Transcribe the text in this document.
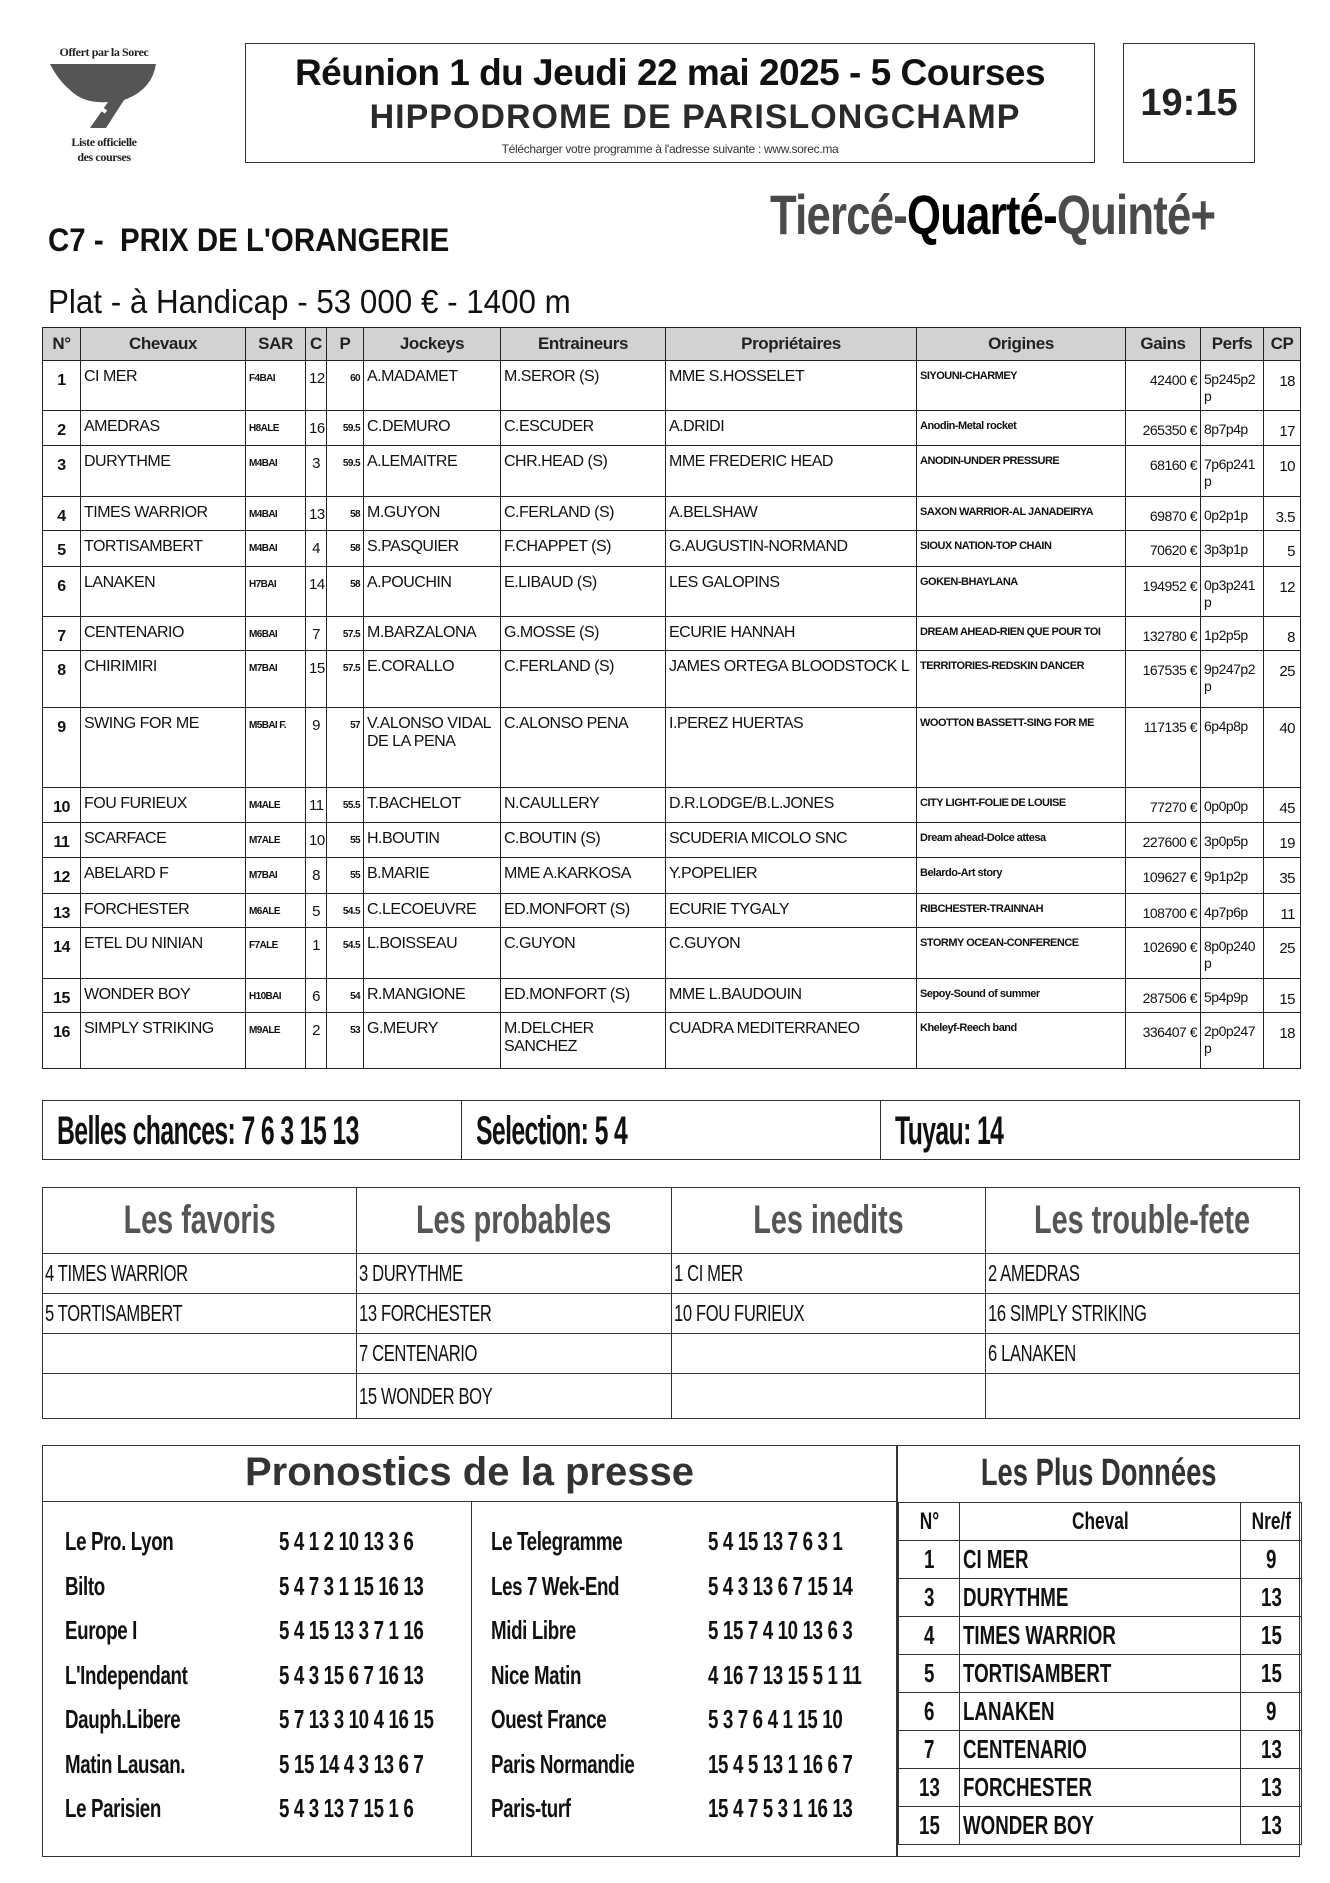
Offert par la Sorec
Liste officielle
des courses
Réunion 1 du Jeudi 22 mai 2025 - 5 Courses
HIPPODROME DE PARISLONGCHAMP
Télécharger votre programme à l'adresse suivante : www.sorec.ma
19:15
Tiercé-Quarté-Quinté+
C7 -  PRIX DE L'ORANGERIE
Plat - à Handicap - 53 000 € - 1400 m
N°	Chevaux	SAR	C	P	Jockeys	Entraineurs	Propriétaires	Origines	Gains	Perfs	CP
1	CI MER	F4BAI	12	60	A.MADAMET	M.SEROR (S)	MME S.HOSSELET	SIYOUNI-CHARMEY	42400 €	5p245p2p	18
2	AMEDRAS	H8ALE	16	59.5	C.DEMURO	C.ESCUDER	A.DRIDI	Anodin-Metal rocket	265350 €	8p7p4p	17
3	DURYTHME	M4BAI	3	59.5	A.LEMAITRE	CHR.HEAD (S)	MME FREDERIC HEAD	ANODIN-UNDER PRESSURE	68160 €	7p6p241p	10
4	TIMES WARRIOR	M4BAI	13	58	M.GUYON	C.FERLAND (S)	A.BELSHAW	SAXON WARRIOR-AL JANADEIRYA	69870 €	0p2p1p	3.5
5	TORTISAMBERT	M4BAI	4	58	S.PASQUIER	F.CHAPPET (S)	G.AUGUSTIN-NORMAND	SIOUX NATION-TOP CHAIN	70620 €	3p3p1p	5
6	LANAKEN	H7BAI	14	58	A.POUCHIN	E.LIBAUD (S)	LES GALOPINS	GOKEN-BHAYLANA	194952 €	0p3p241p	12
7	CENTENARIO	M6BAI	7	57.5	M.BARZALONA	G.MOSSE (S)	ECURIE HANNAH	DREAM AHEAD-RIEN QUE POUR TOI	132780 €	1p2p5p	8
8	CHIRIMIRI	M7BAI	15	57.5	E.CORALLO	C.FERLAND (S)	JAMES ORTEGA BLOODSTOCK L	TERRITORIES-REDSKIN DANCER	167535 €	9p247p2p	25
9	SWING FOR ME	M5BAI F.	9	57	V.ALONSO VIDAL DE LA PENA	C.ALONSO PENA	I.PEREZ HUERTAS	WOOTTON BASSETT-SING FOR ME	117135 €	6p4p8p	40
10	FOU FURIEUX	M4ALE	11	55.5	T.BACHELOT	N.CAULLERY	D.R.LODGE/B.L.JONES	CITY LIGHT-FOLIE DE LOUISE	77270 €	0p0p0p	45
11	SCARFACE	M7ALE	10	55	H.BOUTIN	C.BOUTIN (S)	SCUDERIA MICOLO SNC	Dream ahead-Dolce attesa	227600 €	3p0p5p	19
12	ABELARD F	M7BAI	8	55	B.MARIE	MME A.KARKOSA	Y.POPELIER	Belardo-Art story	109627 €	9p1p2p	35
13	FORCHESTER	M6ALE	5	54.5	C.LECOEUVRE	ED.MONFORT (S)	ECURIE TYGALY	RIBCHESTER-TRAINNAH	108700 €	4p7p6p	11
14	ETEL DU NINIAN	F7ALE	1	54.5	L.BOISSEAU	C.GUYON	C.GUYON	STORMY OCEAN-CONFERENCE	102690 €	8p0p240p	25
15	WONDER BOY	H10BAI	6	54	R.MANGIONE	ED.MONFORT (S)	MME L.BAUDOUIN	Sepoy-Sound of summer	287506 €	5p4p9p	15
16	SIMPLY STRIKING	M9ALE	2	53	G.MEURY	M.DELCHER SANCHEZ	CUADRA MEDITERRANEO	Kheleyf-Reech band	336407 €	2p0p247p	18
Belles chances: 7 6 3 15 13	Selection: 5 4	Tuyau: 14
Les favoris	Les probables	Les inedits	Les trouble-fete
4 TIMES WARRIOR	3 DURYTHME	1 CI MER	2 AMEDRAS
5 TORTISAMBERT	13 FORCHESTER	10 FOU FURIEUX	16 SIMPLY STRIKING
	7 CENTENARIO		6 LANAKEN
	15 WONDER BOY		
Pronostics de la presse
Le Pro. Lyon	5 4 1 2 10 13 3 6
Bilto	5 4 7 3 1 15 16 13
Europe I	5 4 15 13 3 7 1 16
L'Independant	5 4 3 15 6 7 16 13
Dauph.Libere	5 7 13 3 10 4 16 15
Matin Lausan.	5 15 14 4 3 13 6 7
Le Parisien	5 4 3 13 7 15 1 6
Le Telegramme	5 4 15 13 7 6 3 1
Les 7 Wek-End	5 4 3 13 6 7 15 14
Midi Libre	5 15 7 4 10 13 6 3
Nice Matin	4 16 7 13 15 5 1 11
Ouest France	5 3 7 6 4 1 15 10
Paris Normandie	15 4 5 13 1 16 6 7
Paris-turf	15 4 7 5 3 1 16 13
Les Plus Données
N°	Cheval	Nre/f
1	CI MER	9
3	DURYTHME	13
4	TIMES WARRIOR	15
5	TORTISAMBERT	15
6	LANAKEN	9
7	CENTENARIO	13
13	FORCHESTER	13
15	WONDER BOY	13
